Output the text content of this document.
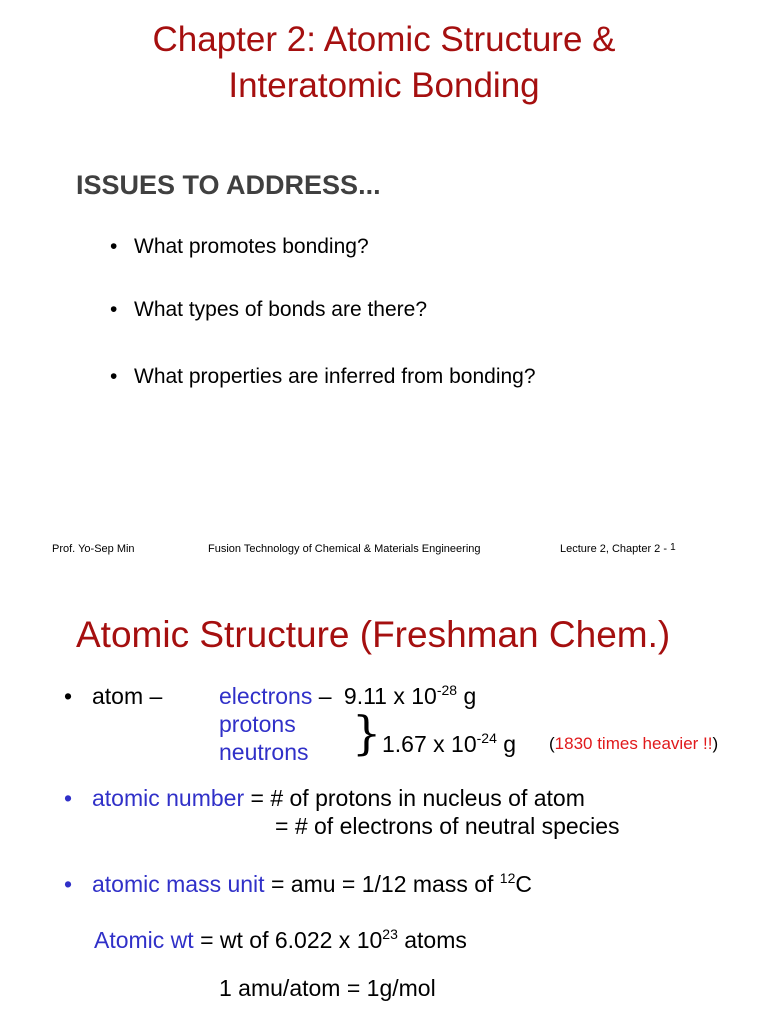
Chapter 2: Atomic Structure &
Interatomic Bonding
ISSUES TO ADDRESS...
• What promotes bonding?
• What types of bonds are there?
• What properties are inferred from bonding?
Prof. Yo-Sep Min	Fusion Technology of Chemical & Materials Engineering	Lecture 2, Chapter 2 - $^1$
Atomic Structure (Freshman Chem.)
• atom – electrons – 9.11 x $10^{-28}$ g
protons
neutrons } 1.67 x $10^{-24}$ g (1830 times heavier !!)
• atomic number = # of protons in nucleus of atom
= # of electrons of neutral species
• atomic mass unit = amu = 1/12 mass of $^{12}$C
Atomic wt = wt of 6.022 x $10^{23}$ atoms
1 amu/atom = 1g/mol
